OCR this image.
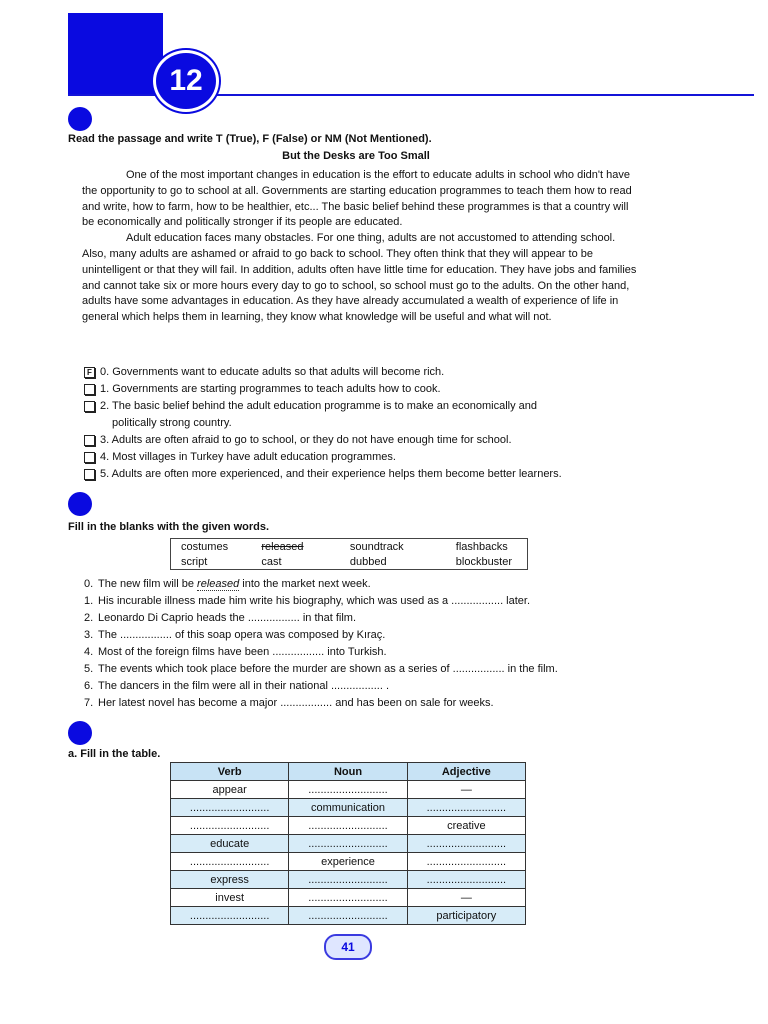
12
Read the passage and write T (True), F (False) or NM (Not Mentioned).
But the Desks are Too Small

One of the most important changes in education is the effort to educate adults in school who didn't have the opportunity to go to school at all. Governments are starting education programmes to teach them how to read and write, how to farm, how to be healthier, etc... The basic belief behind these programmes is that a country will be economically and politically stronger if its people are educated.

Adult education faces many obstacles. For one thing, adults are not accustomed to attending school. Also, many adults are ashamed or afraid to go back to school. They often think that they will appear to be unintelligent or that they will fail. In addition, adults often have little time for education. They have jobs and families and cannot take six or more hours every day to go to school, so school must go to the adults. On the other hand, adults have some advantages in education. As they have already accumulated a wealth of experience of life in general which helps them in learning, they know what knowledge will be useful and what will not.

F 0. Governments want to educate adults so that adults will become rich.
1. Governments are starting programmes to teach adults how to cook.
2. The basic belief behind the adult education programme is to make an economically and
politically strong country.
3. Adults are often afraid to go to school, or they do not have enough time for school.
4. Most villages in Turkey have adult education programmes.
5. Adults are often more experienced, and their experience helps them become better learners.
Fill in the blanks with the given words.
costumes	released	soundtrack	flashbacks
script	cast	dubbed	blockbuster
0. The new film will be released into the market next week.
1. His incurable illness made him write his biography, which was used as a ................. later.
2. Leonardo Di Caprio heads the ................. in that film.
3. The ................. of this soap opera was composed by Kıraç.
4. Most of the foreign films have been ................. into Turkish.
5. The events which took place before the murder are shown as a series of ................. in the film.
6. The dancers in the film were all in their national ................. .
7. Her latest novel has become a major ................. and has been on sale for weeks.
a. Fill in the table.
Verb	Noun	Adjective
appear	..........................	—
..........................	communication	..........................
..........................	..........................	creative
educate	..........................	..........................
..........................	experience	..........................
express	..........................	..........................
invest	..........................	—
..........................	..........................	participatory
41
